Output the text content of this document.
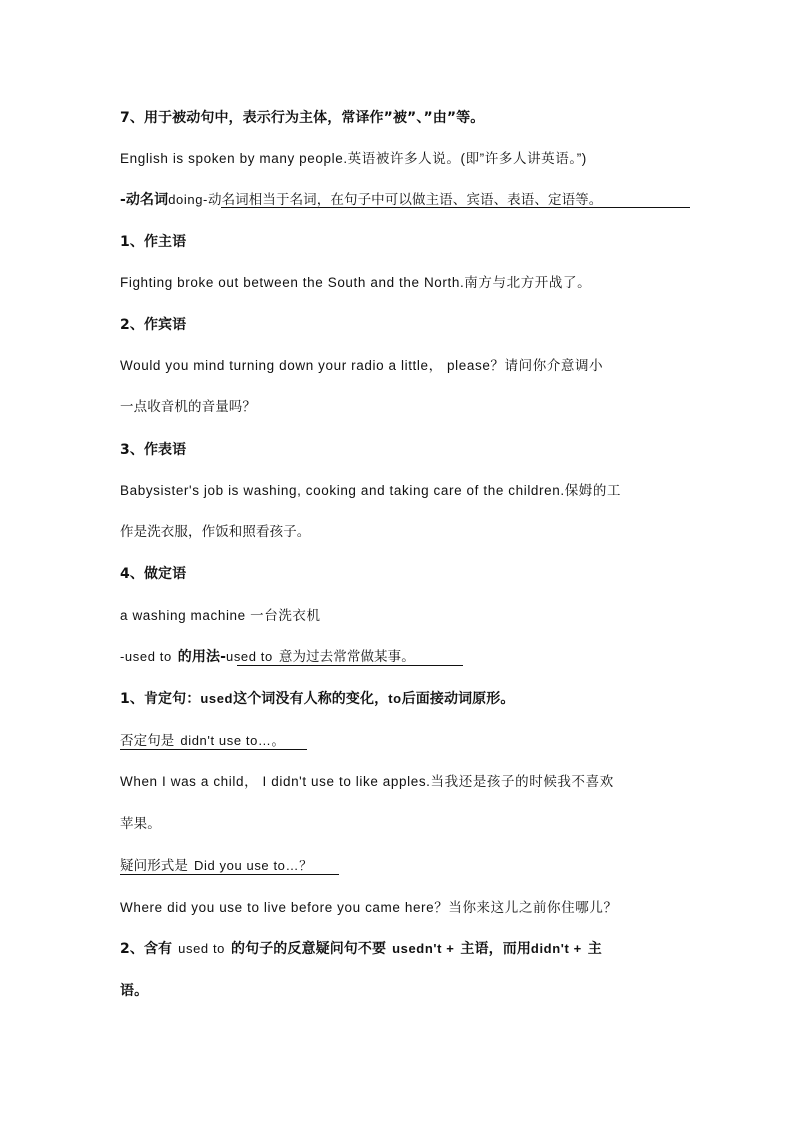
7、用于被动句中，表示行为主体，常译作”被”、”由”等。
English is spoken by many people.英语被许多人说。(即”许多人讲英语。”)
-动名词doing-动名词相当于名词，在句子中可以做主语、宾语、表语、定语等。
1、作主语
Fighting broke out between the South and the North.南方与北方开战了。
2、作宾语
Would you mind turning down your radio a little， please？请问你介意调小
一点收音机的音量吗？
3、作表语
Babysister's job is washing, cooking and taking care of the children.保姆的工
作是洗衣服，作饭和照看孩子。
4、做定语
a washing machine 一台洗衣机
-used to 的用法-used to 意为过去常常做某事。
1、肯定句：used这个词没有人称的变化，to后面接动词原形。
否定句是 didn't use to…。
When I was a child， I didn't use to like apples.当我还是孩子的时候我不喜欢
苹果。
疑问形式是 Did you use to…？
Where did you use to live before you came here？当你来这儿之前你住哪儿？
2、含有 used to 的句子的反意疑问句不要 usedn't + 主语，而用didn't + 主
语。
